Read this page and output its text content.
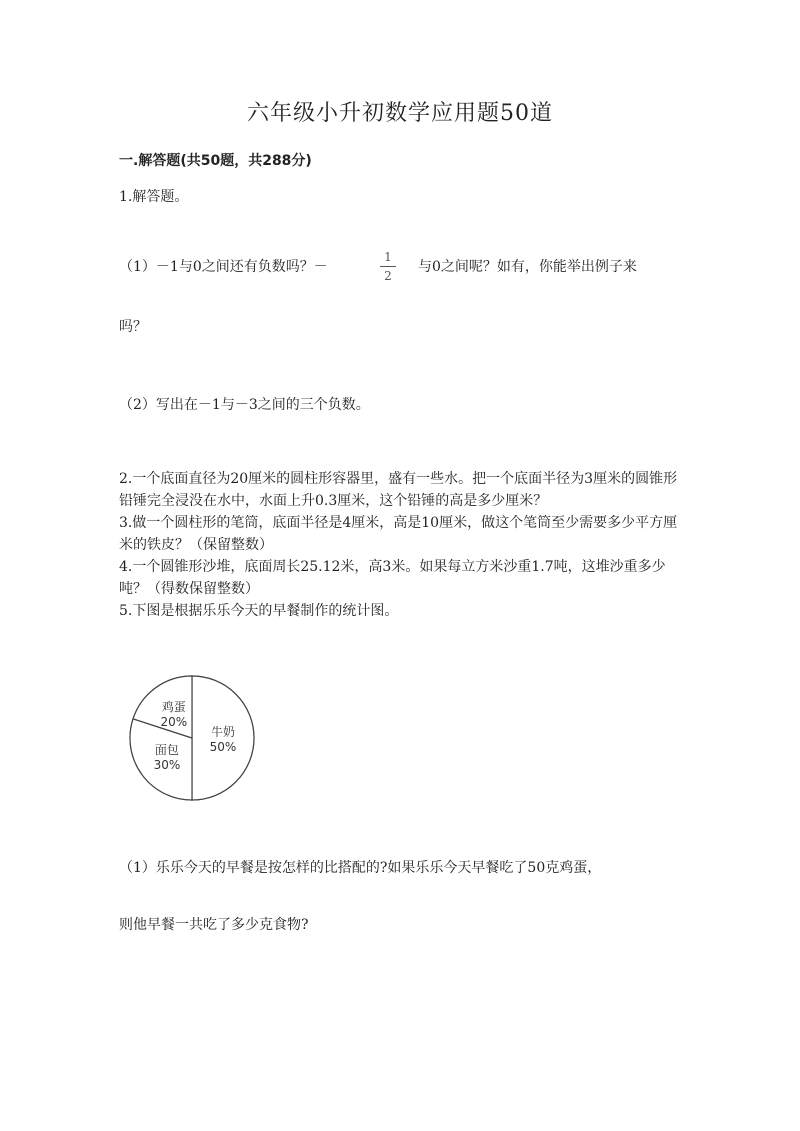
六年级小升初数学应用题50道
一.解答题(共50题，共288分)
1.解答题。
（1）－1与0之间还有负数吗？－
1
2
与0之间呢？如有，你能举出例子来
吗？
（2）写出在－1与－3之间的三个负数。

2.一个底面直径为20厘米的圆柱形容器里，盛有一些水。把一个底面半径为3厘米的圆锥形铅锤完全浸没在水中，水面上升0.3厘米，这个铅锤的高是多少厘米？

3.做一个圆柱形的笔筒，底面半径是4厘米，高是10厘米，做这个笔筒至少需要多少平方厘米的铁皮？（保留整数）

4.一个圆锥形沙堆，底面周长25.12米，高3米。如果每立方米沙重1.7吨，这堆沙重多少吨？（得数保留整数）

5.下图是根据乐乐今天的早餐制作的统计图。

牛奶
50%
面包
30%
鸡蛋
20%
（1）乐乐今天的早餐是按怎样的比搭配的?如果乐乐今天早餐吃了50克鸡蛋，
则他早餐一共吃了多少克食物?
